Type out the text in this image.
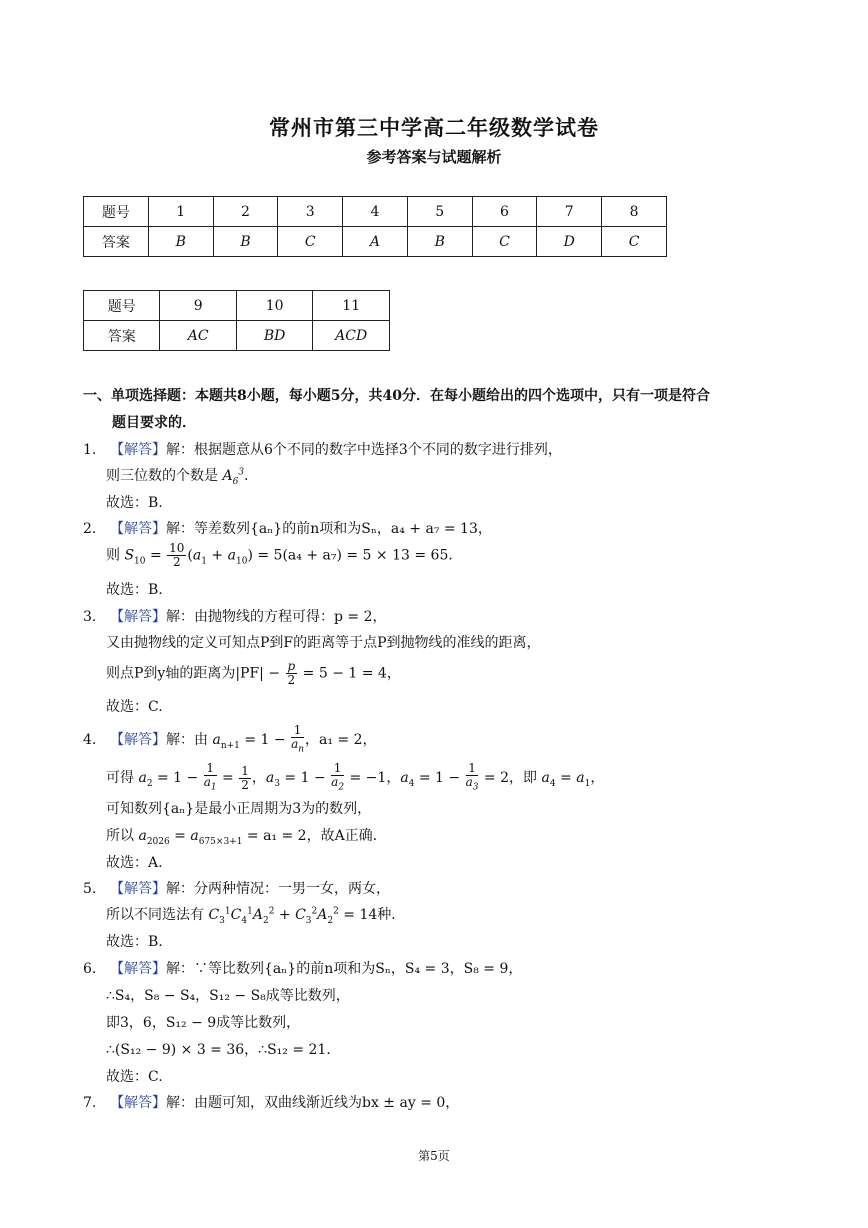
常州市第三中学高二年级数学试卷
参考答案与试题解析
题号	1	2	3	4	5	6	7	8
答案	B	B	C	A	B	C	D	C
题号	9	10	11
答案	AC	BD	ACD
一、单项选择题：本题共8小题，每小题5分，共40分．在每小题给出的四个选项中，只有一项是符合
题目要求的．
1. 【解答】解：根据题意从6个不同的数字中选择3个不同的数字进行排列，
则三位数的个数是 $A_6^3$.
故选：B.
2. 【解答】解：等差数列{aₙ}的前n项和为Sₙ，a₄ + a₇ = 13，
则 $S_{10} = \frac{10}{2} (a_1 + a_{10}) = 5(a_4 + a_7) = 5 \times 13 = 65$．
故选：B.
3. 【解答】解：由抛物线的方程可得：p = 2，
又由抛物线的定义可知点P到F的距离等于点P到抛物线的准线的距离，
则点P到y轴的距离为$|PF| - \frac{p}{2} = 5 - 1 = 4$，
故选：C.
4. 【解答】解：由 $a_{n+1} = 1 - \frac{1}{a_n}$ ，a₁ = 2，
可得 $a_2 = 1 - \frac{1}{a_1} = \frac{1}{2}$ ，$a_3 = 1 - \frac{1}{a_2} = -1$，$a_4 = 1 - \frac{1}{a_3} = 2$，即 $a_4 = a_1$，
可知数列{aₙ}是最小正周期为3为的数列，
所以 $a_{2026} = a_{675\times 3+1} = a_1 = 2$，故A正确．
故选：A.
5. 【解答】解：分两种情况：一男一女，两女，
所以不同选法有 $C_3^1C_4^1A_2^2 + C_3^2A_2^2 = 14$种．
故选：B.
6. 【解答】解：∵等比数列{aₙ}的前n项和为Sₙ，S₄ = 3，S₈ = 9，
∴S₄，S₈ − S₄，S₁₂ − S₈成等比数列，
即3，6，S₁₂ − 9成等比数列，
∴(S₁₂ − 9) × 3 = 36，∴S₁₂ = 21．
故选：C.
7. 【解答】解：由题可知，双曲线渐近线为bx ± ay = 0，
第5页
